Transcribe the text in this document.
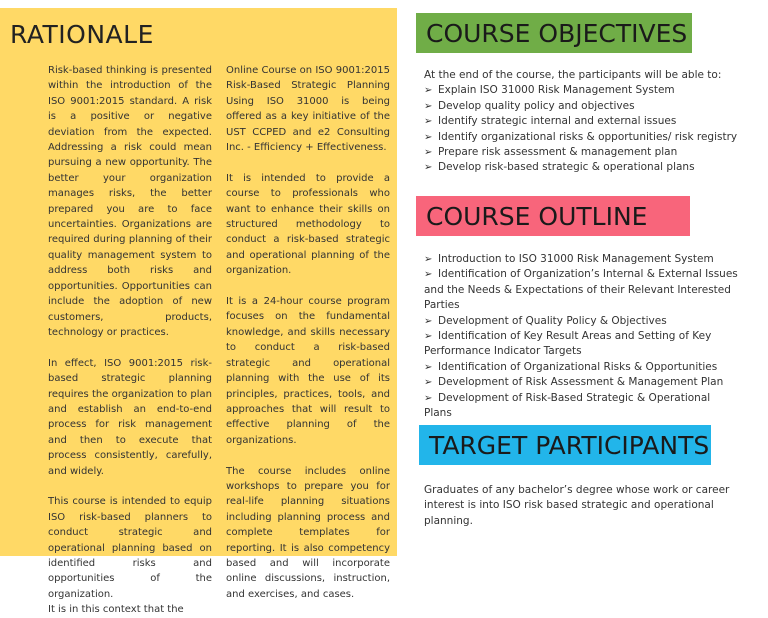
RATIONALE

Risk-based thinking is presented within the introduction of the ISO 9001:2015 standard. A risk is a positive or negative deviation from the expected. Addressing a risk could mean pursuing a new opportunity. The better your organization manages risks, the better prepared you are to face uncertainties. Organizations are required during planning of their quality management system to address both risks and opportunities. Opportunities can include the adoption of new customers, products, technology or practices.

In effect, ISO 9001:2015 risk-based strategic planning requires the organization to plan and establish an end-to-end process for risk management and then to execute that process consistently, carefully, and widely.

This course is intended to equip ISO risk-based planners to conduct strategic and operational planning based on identified risks and opportunities of the organization.

It is in this context that the

Online Course on ISO 9001:2015 Risk-Based Strategic Planning Using ISO 31000 is being offered as a key initiative of the UST CCPED and e2 Consulting Inc. - Efficiency + Effectiveness.

It is intended to provide a course to professionals who want to enhance their skills on structured methodology to conduct a risk-based strategic and operational planning of the organization.

It is a 24-hour course program focuses on the fundamental knowledge, and skills necessary to conduct a risk-based strategic and operational planning with the use of its principles, practices, tools, and approaches that will result to effective planning of the organizations.

The course includes online workshops to prepare you for real-life planning situations including planning process and complete templates for reporting. It is also competency based and will incorporate online discussions, instruction, and exercises, and cases.

COURSE OBJECTIVES
At the end of the course, the participants will be able to:
➢ Explain ISO 31000 Risk Management System
➢ Develop quality policy and objectives
➢ Identify strategic internal and external issues
➢ Identify organizational risks & opportunities/ risk registry
➢ Prepare risk assessment & management plan
➢ Develop risk-based strategic & operational plans
COURSE OUTLINE
➢ Introduction to ISO 31000 Risk Management System
➢ Identification of Organization’s Internal & External Issues and the Needs & Expectations of their Relevant Interested Parties
➢ Development of Quality Policy & Objectives
➢ Identification of Key Result Areas and Setting of Key Performance Indicator Targets
➢ Identification of Organizational Risks & Opportunities
➢ Development of Risk Assessment & Management Plan
➢ Development of Risk-Based Strategic & Operational Plans
TARGET PARTICIPANTS
Graduates of any bachelor’s degree whose work or career interest is into ISO risk based strategic and operational planning.
